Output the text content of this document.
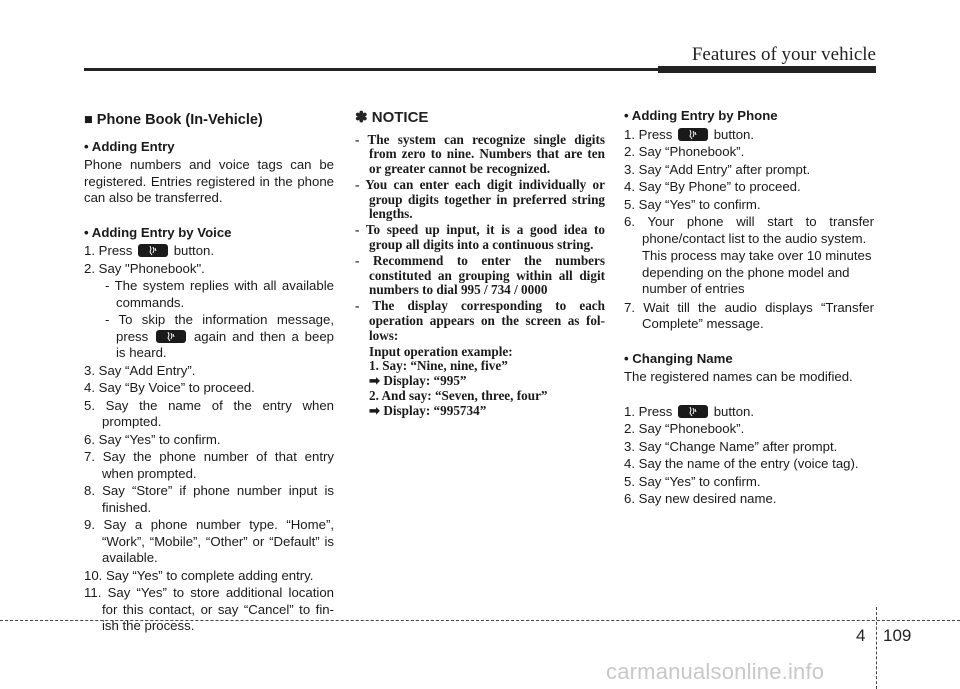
Features of your vehicle

■ Phone Book (In-Vehicle)

• Adding Entry

Phone numbers and voice tags can be registered. Entries registered in the phone can also be transferred.

• Adding Entry by Voice

1. Press	button.

2. Say "Phonebook".

- The system replies with all available commands.

- To skip the information message, press	again and then a beep is heard.

3. Say “Add Entry”.

4. Say “By Voice” to proceed.

5. Say the name of the entry when prompted.

6. Say “Yes” to confirm.

7. Say the phone number of that entry when prompted.

8. Say “Store” if phone number input is finished.

9. Say a phone number type. “Home”, “Work”, “Mobile”, “Other” or “Default” is available.

10. Say “Yes” to complete adding entry.

11. Say “Yes” to store additional location for this contact, or say “Cancel” to fin-ish the process.

✽ NOTICE

- The system can recognize single digits from zero to nine. Numbers that are ten or greater cannot be recognized.

- You can enter each digit individually or group digits together in preferred string lengths.

- To speed up input, it is a good idea to group all digits into a continuous string.

- Recommend to enter the numbers constituted an grouping within all digit numbers to dial 995 / 734 / 0000

- The display corresponding to each operation appears on the screen as fol-lows:

Input operation example:

1. Say: “Nine, nine, five”

➡ Display: “995”

2. And say: “Seven, three, four”

➡ Display: “995734”

• Adding Entry by Phone

1. Press	button.

2. Say “Phonebook”.

3. Say “Add Entry” after prompt.

4. Say “By Phone” to proceed.

5. Say “Yes” to confirm.

6. Your phone will start to transfer phone/contact list to the audio system.

This process may take over 10 minutes depending on the phone model and number of entries

7. Wait till the audio displays “Transfer Complete” message.

• Changing Name

The registered names can be modified.

1. Press	button.

2. Say “Phonebook”.

3. Say “Change Name” after prompt.

4. Say the name of the entry (voice tag).

5. Say “Yes” to confirm.

6. Say new desired name.

4 109
carmanualsonline.info
